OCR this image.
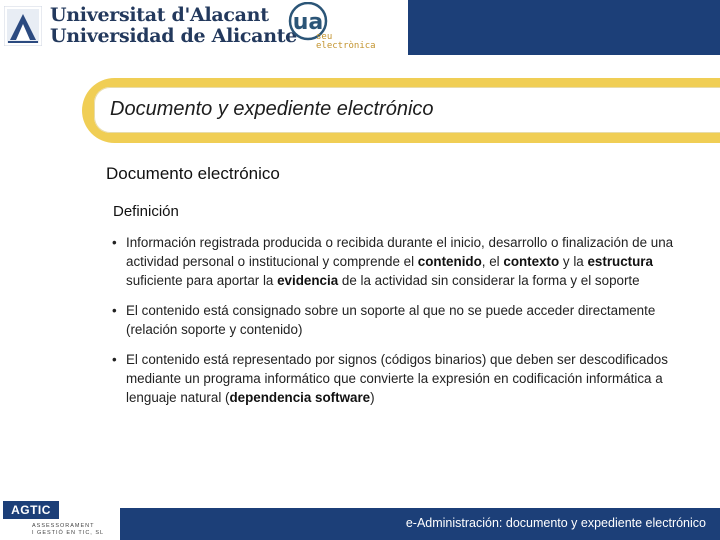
Universitat d'Alacant
Universidad de Alicante
ua
seu
electrònica
Documento y expediente electrónico
Documento electrónico
Definición
• Información registrada producida o recibida durante el inicio, desarrollo o finalización de una actividad personal o institucional y comprende el contenido, el contexto y la estructura suficiente para aportar la evidencia de la actividad sin considerar la forma y el soporte
• El contenido está consignado sobre un soporte al que no se puede acceder directamente (relación soporte y contenido)
• El contenido está representado por signos (códigos binarios) que deben ser descodificados mediante un programa informático que convierte la expresión en codificación informática a lenguaje natural (dependencia software)
AGTIC
ASSESSORAMENT
I GESTIÓ EN TIC, SL
e-Administración: documento y expediente electrónico
